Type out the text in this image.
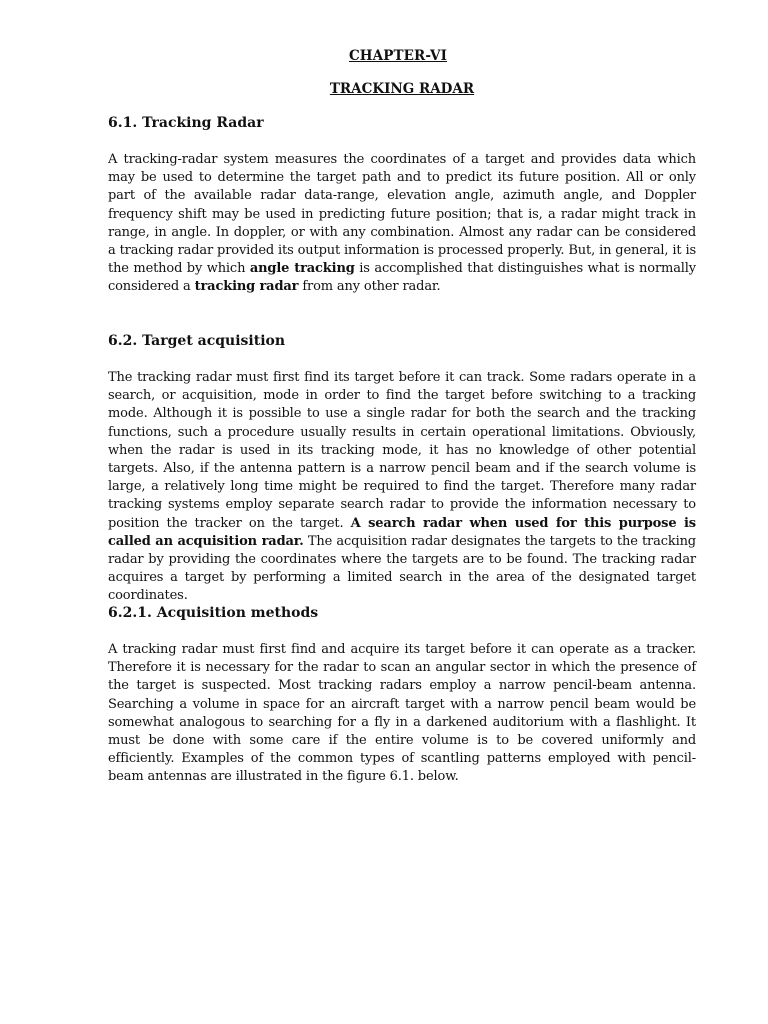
CHAPTER-VI
TRACKING RADAR
6.1. Tracking Radar
A tracking-radar system measures the coordinates of a target and provides data which may be used to determine the target path and to predict its future position. All or only part of the available radar data-range, elevation angle, azimuth angle, and Doppler frequency shift may be used in predicting future position; that is, a radar might track in range, in angle. In doppler, or with any combination. Almost any radar can be considered a tracking radar provided its output information is processed properly. But, in general, it is the method by which angle tracking is accomplished that distinguishes what is normally considered a tracking radar from any other radar.
6.2. Target acquisition
The tracking radar must first find its target before it can track. Some radars operate in a search, or acquisition, mode in order to find the target before switching to a tracking mode. Although it is possible to use a single radar for both the search and the tracking functions, such a procedure usually results in certain operational limitations. Obviously, when the radar is used in its tracking mode, it has no knowledge of other potential targets. Also, if the antenna pattern is a narrow pencil beam and if the search volume is large, a relatively long time might be required to find the target. Therefore many radar tracking systems employ separate search radar to provide the information necessary to position the tracker on the target. A search radar when used for this purpose is called an acquisition radar. The acquisition radar designates the targets to the tracking radar by providing the coordinates where the targets are to be found. The tracking radar acquires a target by performing a limited search in the area of the designated target coordinates.
6.2.1. Acquisition methods
A tracking radar must first find and acquire its target before it can operate as a tracker. Therefore it is necessary for the radar to scan an angular sector in which the presence of the target is suspected. Most tracking radars employ a narrow pencil-beam antenna. Searching a volume in space for an aircraft target with a narrow pencil beam would be somewhat analogous to searching for a fly in a darkened auditorium with a flashlight. It must be done with some care if the entire volume is to be covered uniformly and efficiently. Examples of the common types of scantling patterns employed with pencil-beam antennas are illustrated in the figure 6.1. below.
